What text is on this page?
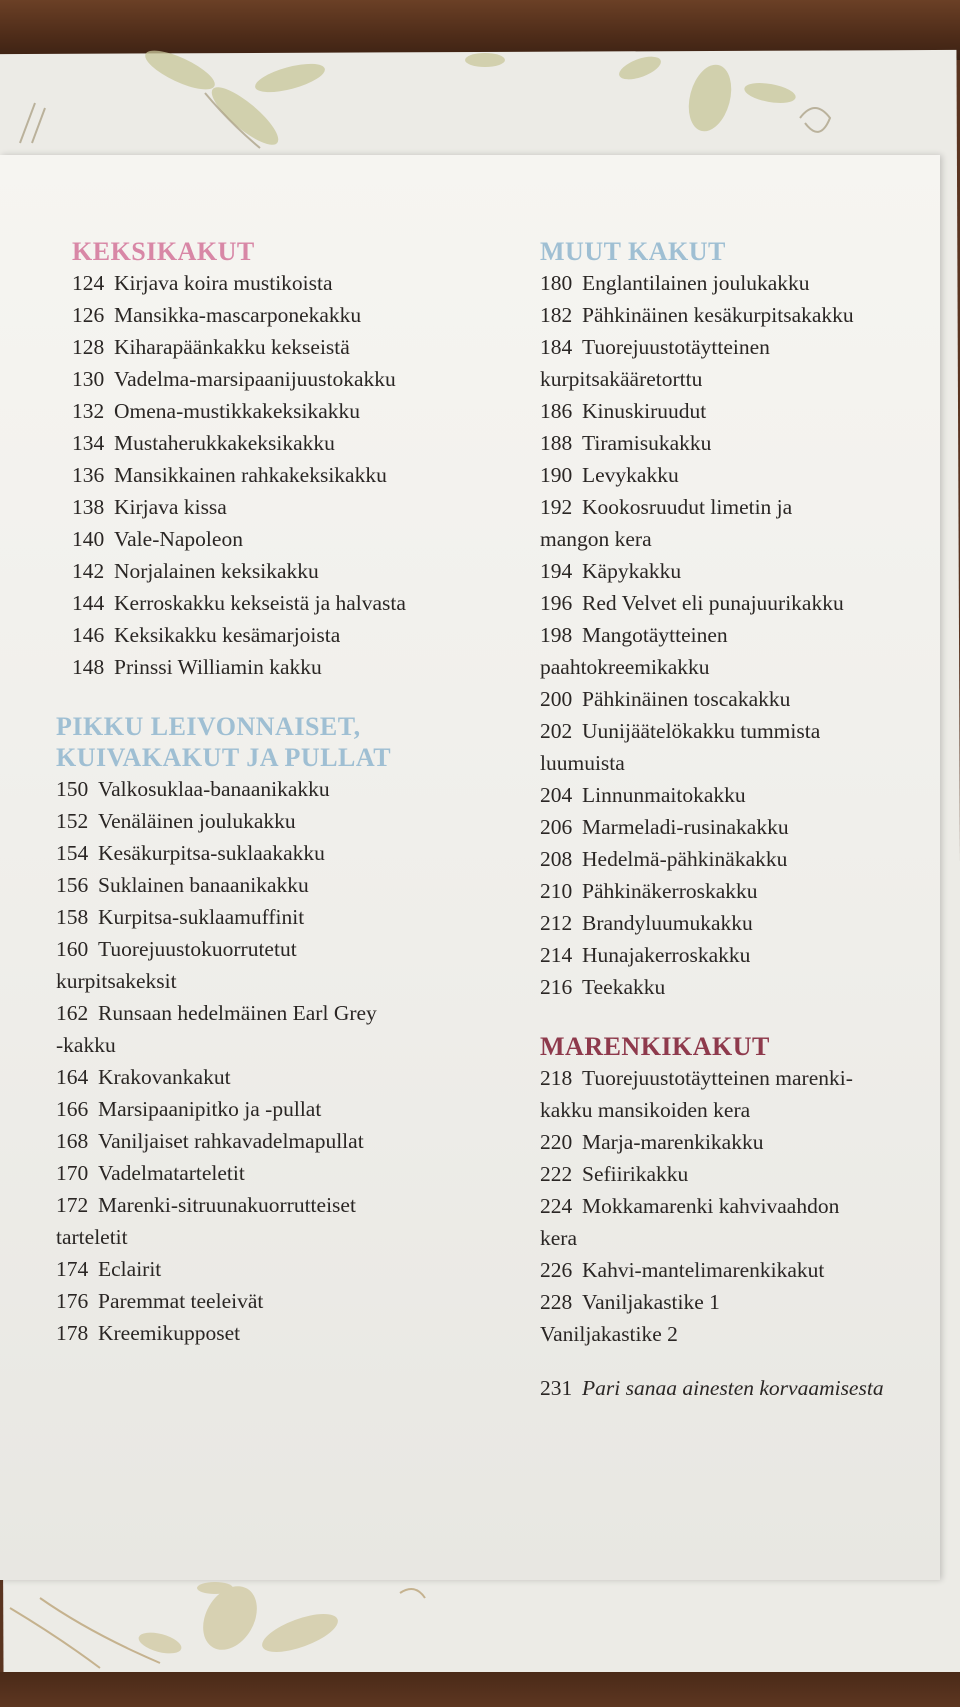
KEKSIKAKUT
124 Kirjava koira mustikoista
126 Mansikka-mascarponekakku
128 Kiharapäänkakku kekseistä
130 Vadelma-marsipaanijuustokakku
132 Omena-mustikkakeksikakku
134 Mustaherukkakeksikakku
136 Mansikkainen rahkakeksikakku
138 Kirjava kissa
140 Vale-Napoleon
142 Norjalainen keksikakku
144 Kerroskakku kekseistä ja halvasta
146 Keksikakku kesämarjoista
148 Prinssi Williamin kakku
PIKKU LEIVONNAISET,
KUIVAKAKUT JA PULLAT
150 Valkosuklaa-banaanikakku
152 Venäläinen joulukakku
154 Kesäkurpitsa-suklaakakku
156 Suklainen banaanikakku
158 Kurpitsa-suklaamuffinit
160 Tuorejuustokuorrutetut
kurpitsakeksit
162 Runsaan hedelmäinen Earl Grey
-kakku
164 Krakovankakut
166 Marsipaanipitko ja -pullat
168 Vaniljaiset rahkavadelmapullat
170 Vadelmatarteletit
172 Marenki-sitruunakuorrutteiset
tarteletit
174 Eclairit
176 Paremmat teeleivät
178 Kreemikupposet
MUUT KAKUT
180 Englantilainen joulukakku
182 Pähkinäinen kesäkurpitsakakku
184 Tuorejuustotäytteinen
kurpitsakääretorttu
186 Kinuskiruudut
188 Tiramisukakku
190 Levykakku
192 Kookosruudut limetin ja
mangon kera
194 Käpykakku
196 Red Velvet eli punajuurikakku
198 Mangotäytteinen
paahtokreemikakku
200 Pähkinäinen toscakakku
202 Uunijäätelökakku tummista
luumuista
204 Linnunmaitokakku
206 Marmeladi-rusinakakku
208 Hedelmä-pähkinäkakku
210 Pähkinäkerroskakku
212 Brandyluumukakku
214 Hunajakerroskakku
216 Teekakku
MARENKIKAKUT
218 Tuorejuustotäytteinen marenki-
kakku mansikoiden kera
220 Marja-marenkikakku
222 Sefiirikakku
224 Mokkamarenki kahvivaahdon
kera
226 Kahvi-mantelimarenkikakut
228 Vaniljakastike 1
Vaniljakastike 2
231 Pari sanaa ainesten korvaamisesta
